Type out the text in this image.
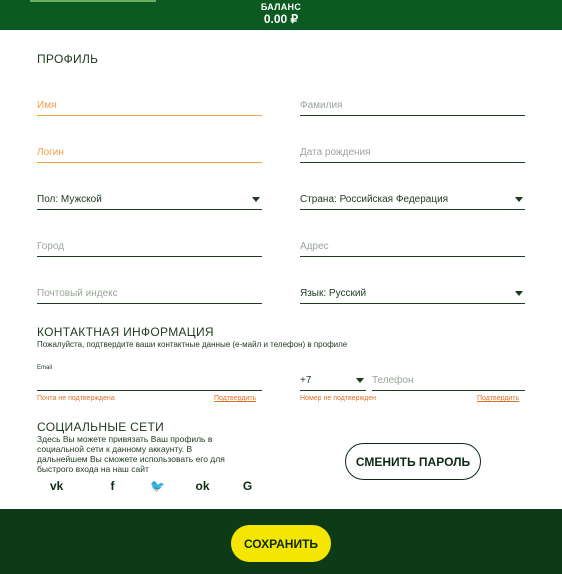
БАЛАНС
0.00 ₽
ПРОФИЛЬ
Имя	Фамилия
Логин	Дата рождения
Пол: Мужской	Страна: Российская Федерация
Город	Адрес
Почтовый индекс	Язык: Русский
КОНТАКТНАЯ ИНФОРМАЦИЯ
Пожалуйста, подтвердите ваши контактные данные (е-майл и телефон) в профиле
Email
Почта не подтверждена	Подтвердить
+7	Телефон
Номер не подтвержден	Подтвердить
СОЦИАЛЬНЫЕ СЕТИ
Здесь Вы можете привязать Ваш профиль в социальной сети к данному аккаунту. В дальнейшем Вы сможете использовать его для быстрого входа на наш сайт
vk	f	🐦	ok	G
СМЕНИТЬ ПАРОЛЬ
СОХРАНИТЬ
